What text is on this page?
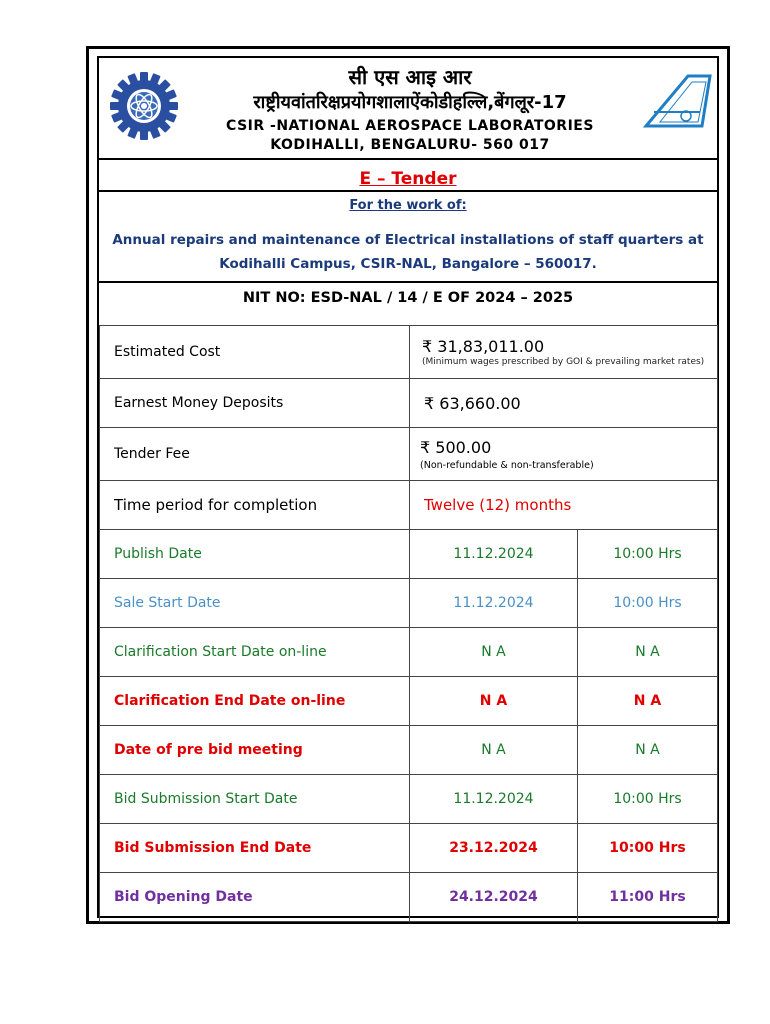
सी एस आइ आर
राष्ट्रीयवांतरिक्षप्रयोगशालाऐंकोडीहल्लि,बेंगलूर-17
CSIR -NATIONAL AEROSPACE LABORATORIES
KODIHALLI, BENGALURU- 560 017
E – Tender
For the work of:
Annual repairs and maintenance of Electrical installations of staff quarters at Kodihalli Campus, CSIR-NAL, Bangalore – 560017.
NIT NO: ESD-NAL / 14 / E OF 2024 – 2025
Estimated Cost	₹ 31,83,011.00
(Minimum wages prescribed by GOI & prevailing market rates)	

Earnest Money Deposits	₹ 63,660.00	
Tender Fee	₹ 500.00
(Non-refundable & non-transferable)	

Time period for completion	Twelve (12) months	
Publish Date	11.12.2024	10:00 Hrs
Sale Start Date	11.12.2024	10:00 Hrs
Clarification Start Date on-line	N A	N A
Clarification End Date on-line	N A	N A
Date of pre bid meeting	N A	N A
Bid Submission Start Date	11.12.2024	10:00 Hrs
Bid Submission End Date	23.12.2024	10:00 Hrs
Bid Opening Date	24.12.2024	11:00 Hrs
